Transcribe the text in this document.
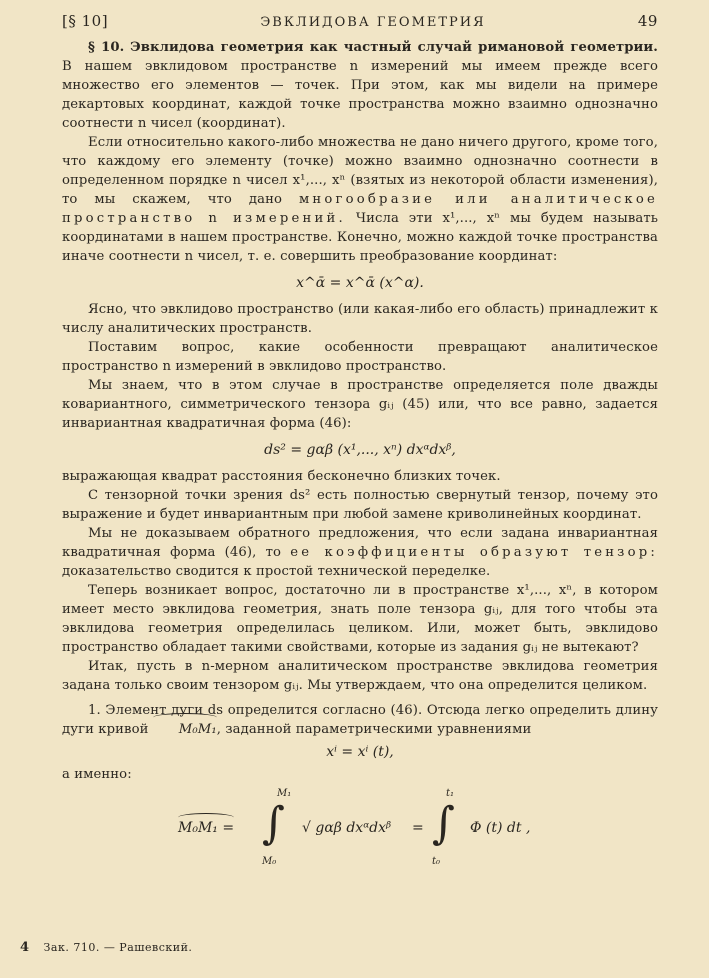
[§ 10]	ЭВКЛИДОВА ГЕОМЕТРИЯ	49

§ 10. Эвклидова геометрия как частный случай римановой геометрии. В нашем эвклидовом пространстве n измерений мы имеем прежде всего множество его элементов — точек. При этом, как мы видели на примере декартовых координат, каждой точке пространства можно взаимно однозначно соотнести n чисел (координат).

Если относительно какого-либо множества не дано ничего другого, кроме того, что каждому его элементу (точке) можно взаимно однозначно соотнести в определенном порядке n чисел x¹,..., xⁿ (взятых из некоторой области изменения), то мы скажем, что дано многообразие или аналитическое пространство n измерений. Числа эти x¹,..., xⁿ мы будем называть координатами в нашем пространстве. Конечно, можно каждой точке пространства иначе соотнести n чисел, т. е. совершить преобразование координат:

x^ᾱ = x^ᾱ (x^α).

Ясно, что эвклидово пространство (или какая-либо его область) принадлежит к числу аналитических пространств.

Поставим вопрос, какие особенности превращают аналитическое пространство n измерений в эвклидово пространство.

Мы знаем, что в этом случае в пространстве определяется поле дважды ковариантного, симметрического тензора gᵢⱼ (45) или, что все равно, задается инвариантная квадратичная форма (46):

ds² = gαβ (x¹,..., xⁿ) dxᵅdxᵝ,

выражающая квадрат расстояния бесконечно близких точек.

С тензорной точки зрения ds² есть полностью свернутый тензор, почему это выражение и будет инвариантным при любой замене криволинейных координат.

Мы не доказываем обратного предложения, что если задана инвариантная квадратичная форма (46), то ее коэффициенты образуют тензор: доказательство сводится к простой технической переделке.

Теперь возникает вопрос, достаточно ли в пространстве x¹,..., xⁿ, в котором имеет место эвклидова геометрия, знать поле тензора gᵢⱼ, для того чтобы эта эвклидова геометрия определилась целиком. Или, может быть, эвклидово пространство обладает такими свойствами, которые из задания gᵢⱼ не вытекают?

Итак, пусть в n-мерном аналитическом пространстве эвклидова геометрия задана только своим тензором gᵢⱼ. Мы утверждаем, что она определится целиком.

1. Элемент дуги ds определится согласно (46). Отсюда легко определить длину дуги кривой M₀M₁, заданной параметрическими уравнениями

xⁱ = xⁱ (t),

а именно:

M₀M₁ =
M₁
∫
M₀
√ gαβ dxᵅdxᵝ =
t₁
∫
t₀
Φ (t) dt ,
4 Зак. 710. — Рашевский.
